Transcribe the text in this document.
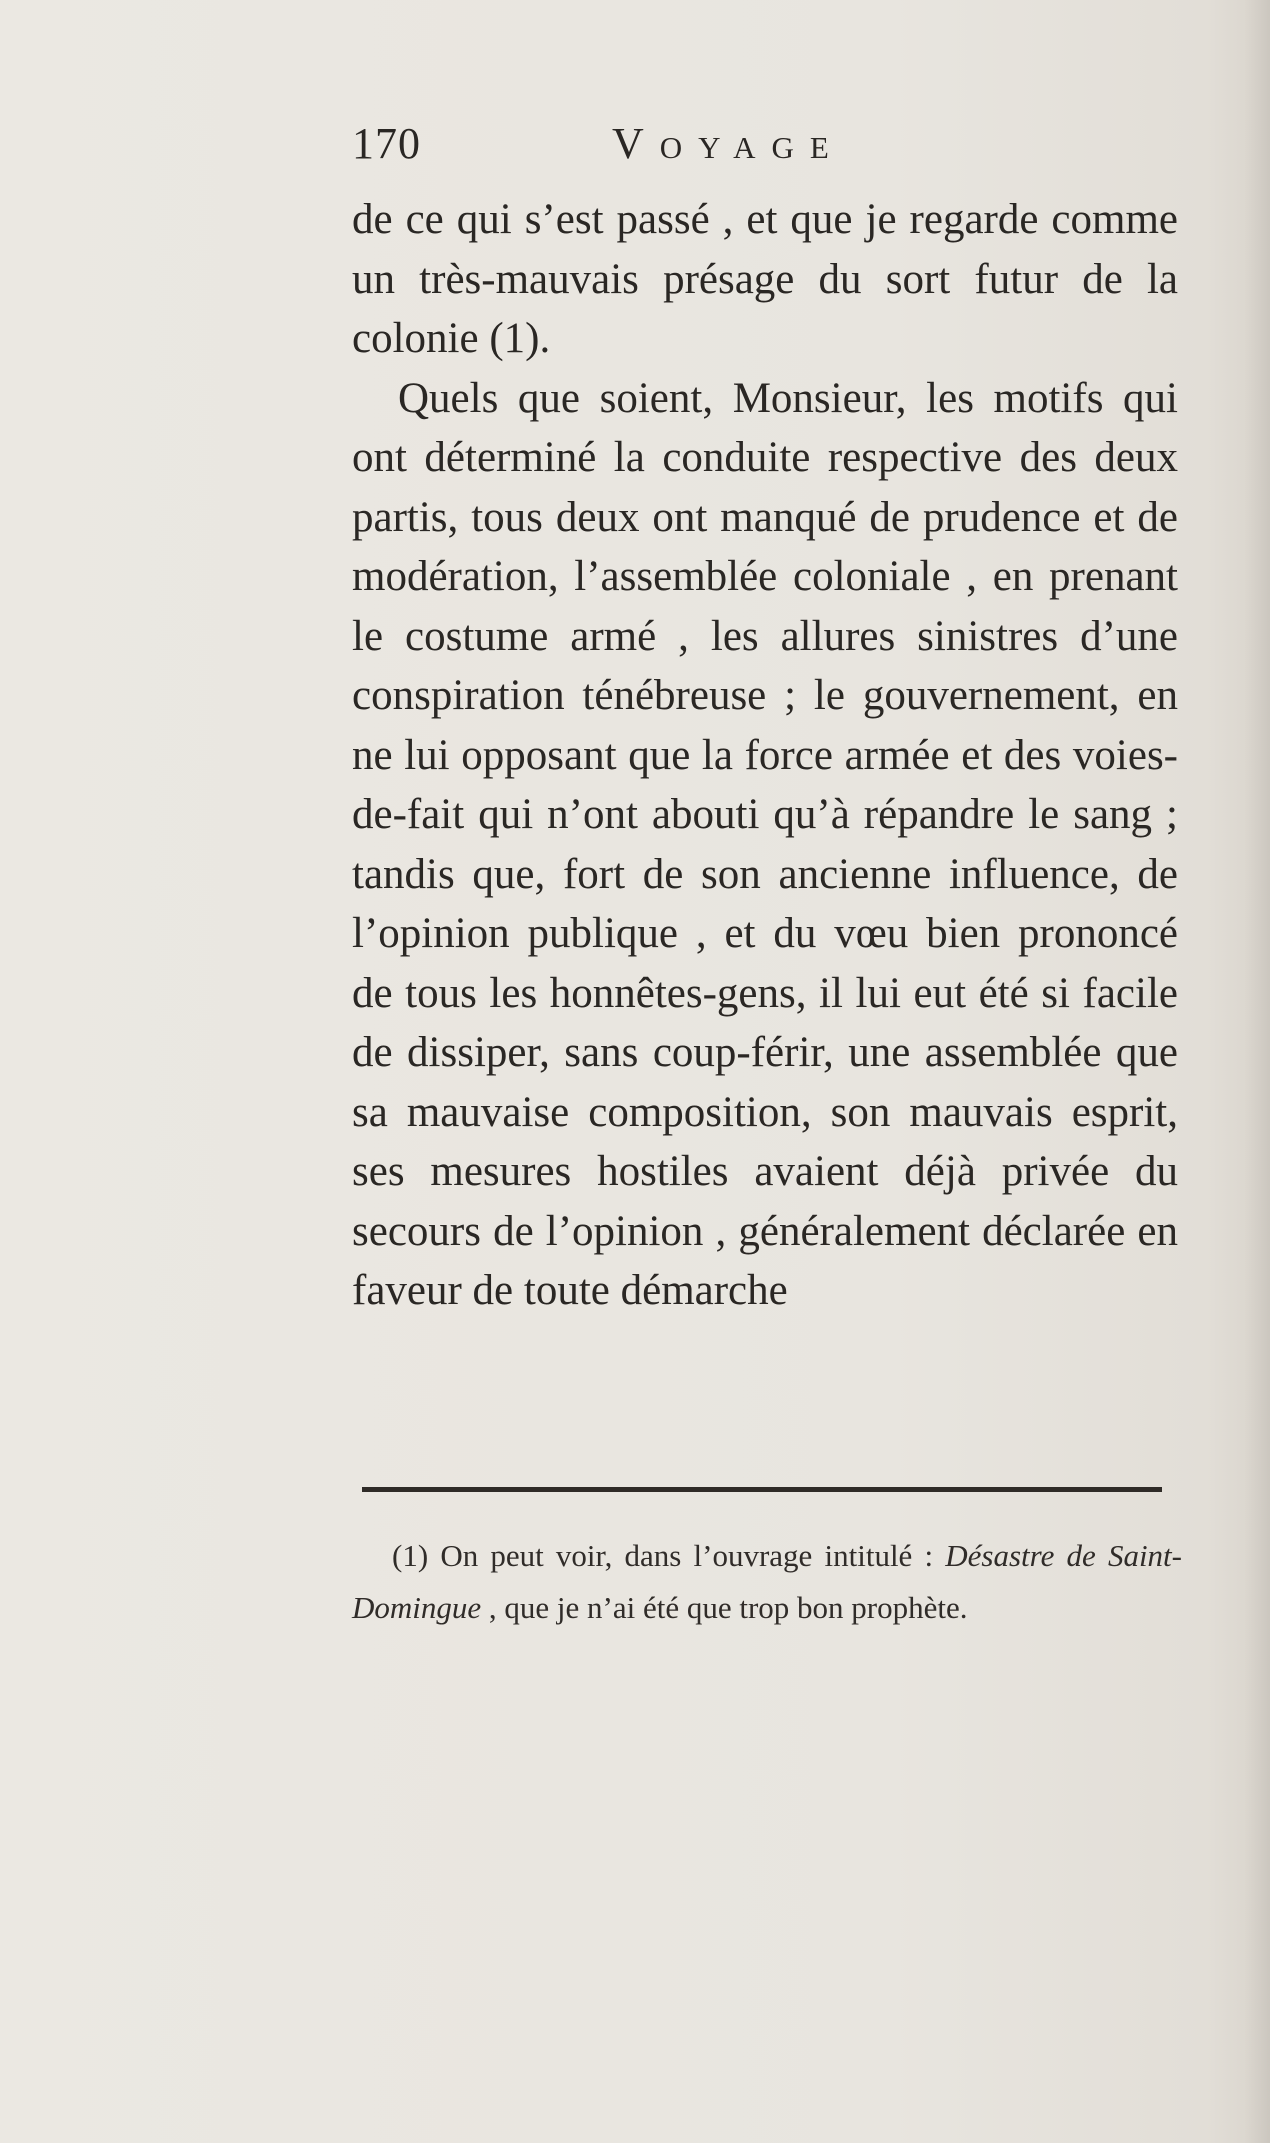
170	Voyage

de ce qui s’est passé , et que je regarde comme un très-mauvais présage du sort futur de la colonie (1).

Quels que soient, Monsieur, les motifs qui ont déterminé la conduite respective des deux partis, tous deux ont manqué de prudence et de modération, l’assemblée coloniale , en prenant le costume armé , les allures sinistres d’une conspiration ténébreuse ; le gouvernement, en ne lui opposant que la force armée et des voies-de-fait qui n’ont abouti qu’à répandre le sang ; tandis que, fort de son ancienne influence, de l’opinion publique , et du vœu bien prononcé de tous les honnêtes-gens, il lui eut été si facile de dissiper, sans coup-férir, une assemblée que sa mauvaise composition, son mauvais esprit, ses mesures hostiles avaient déjà privée du secours de l’opinion , généralement déclarée en faveur de toute démarche

(1) On peut voir, dans l’ouvrage intitulé : Désastre de Saint-Domingue , que je n’ai été que trop bon prophète.
